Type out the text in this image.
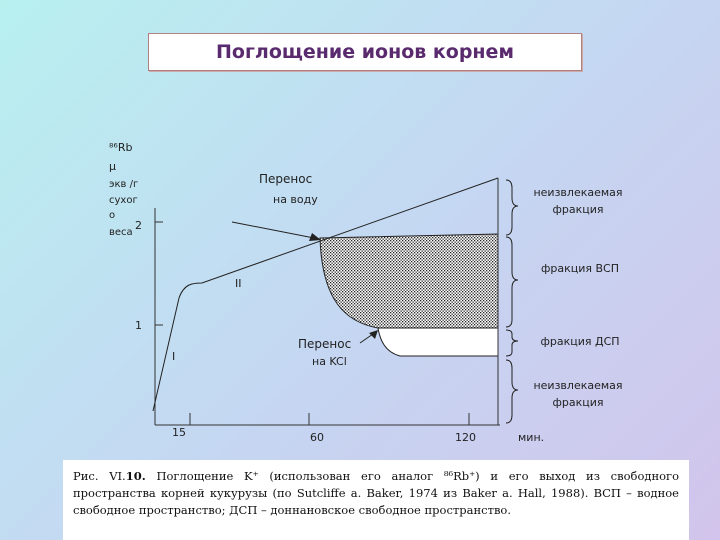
Поглощение ионов корнем
⁸⁶Rb
μ
экв /г
сухог
о
веса
2
1
15	60	120	мин.
Перенос
на воду
Перенос
на KCl
I
II
неизвлекаемая
фракция
фракция ВСП
фракция ДСП
неизвлекаемая
фракция
Рис. VI.10. Поглощение K⁺ (использован его аналог ⁸⁶Rb⁺) и его выход из свободного пространства корней кукурузы (по Sutcliffe a. Baker, 1974 из Baker a. Hall, 1988). ВСП – водное свободное пространство; ДСП – доннановское свободное пространство.
